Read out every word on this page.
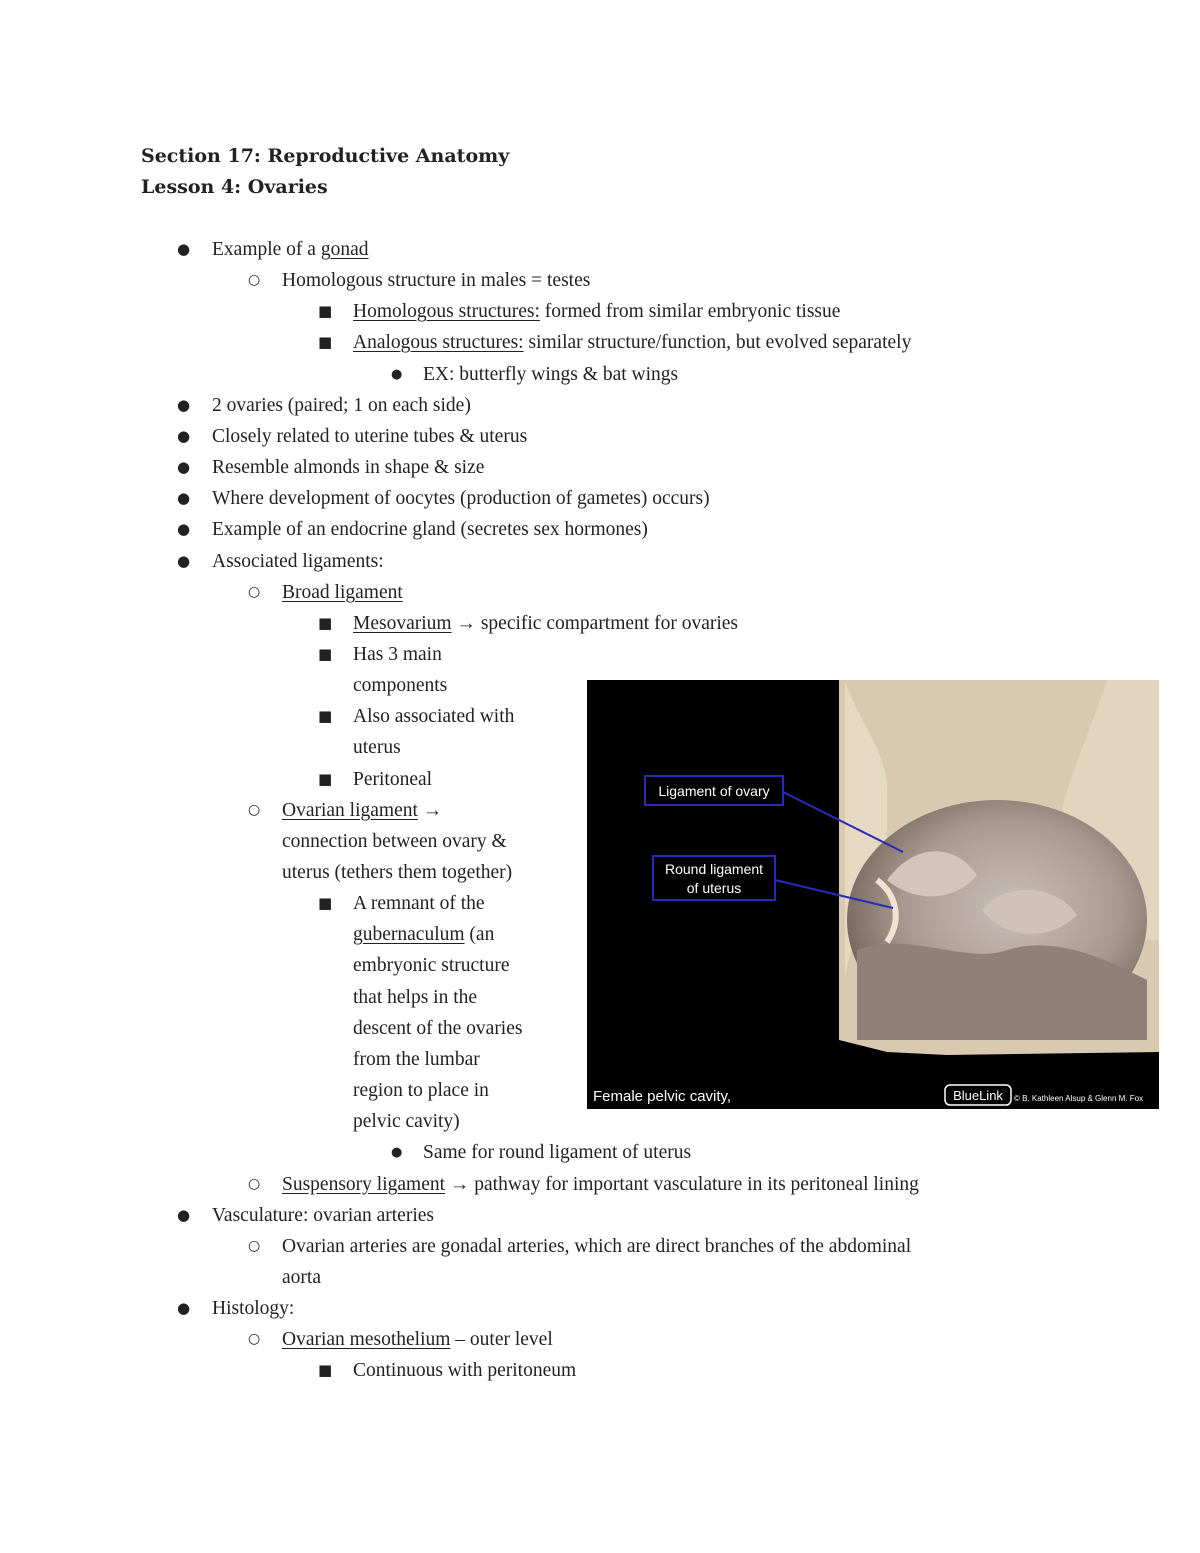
Section 17: Reproductive Anatomy
Lesson 4: Ovaries
● Example of a gonad
○ Homologous structure in males = testes
■ Homologous structures: formed from similar embryonic tissue
■ Analogous structures: similar structure/function, but evolved separately
● EX: butterfly wings & bat wings
● 2 ovaries (paired; 1 on each side)
● Closely related to uterine tubes & uterus
● Resemble almonds in shape & size
● Where development of oocytes (production of gametes) occurs)
● Example of an endocrine gland (secretes sex hormones)
● Associated ligaments:
○ Broad ligament
■ Mesovarium → specific compartment for ovaries
■ Has 3 main
components
■ Also associated with
uterus
■ Peritoneal
○ Ovarian ligament →
connection between ovary &
uterus (tethers them together)
■ A remnant of the
gubernaculum (an
embryonic structure
that helps in the
descent of the ovaries
from the lumbar
region to place in
pelvic cavity)
● Same for round ligament of uterus
○ Suspensory ligament → pathway for important vasculature in its peritoneal lining
● Vasculature: ovarian arteries
○ Ovarian arteries are gonadal arteries, which are direct branches of the abdominal
aorta
● Histology:
○ Ovarian mesothelium – outer level
■ Continuous with peritoneum
Ligament of ovary
Round ligament
of uterus
Female pelvic cavity,	BlueLink © B. Kathleen Alsup & Glenn M. Fox
